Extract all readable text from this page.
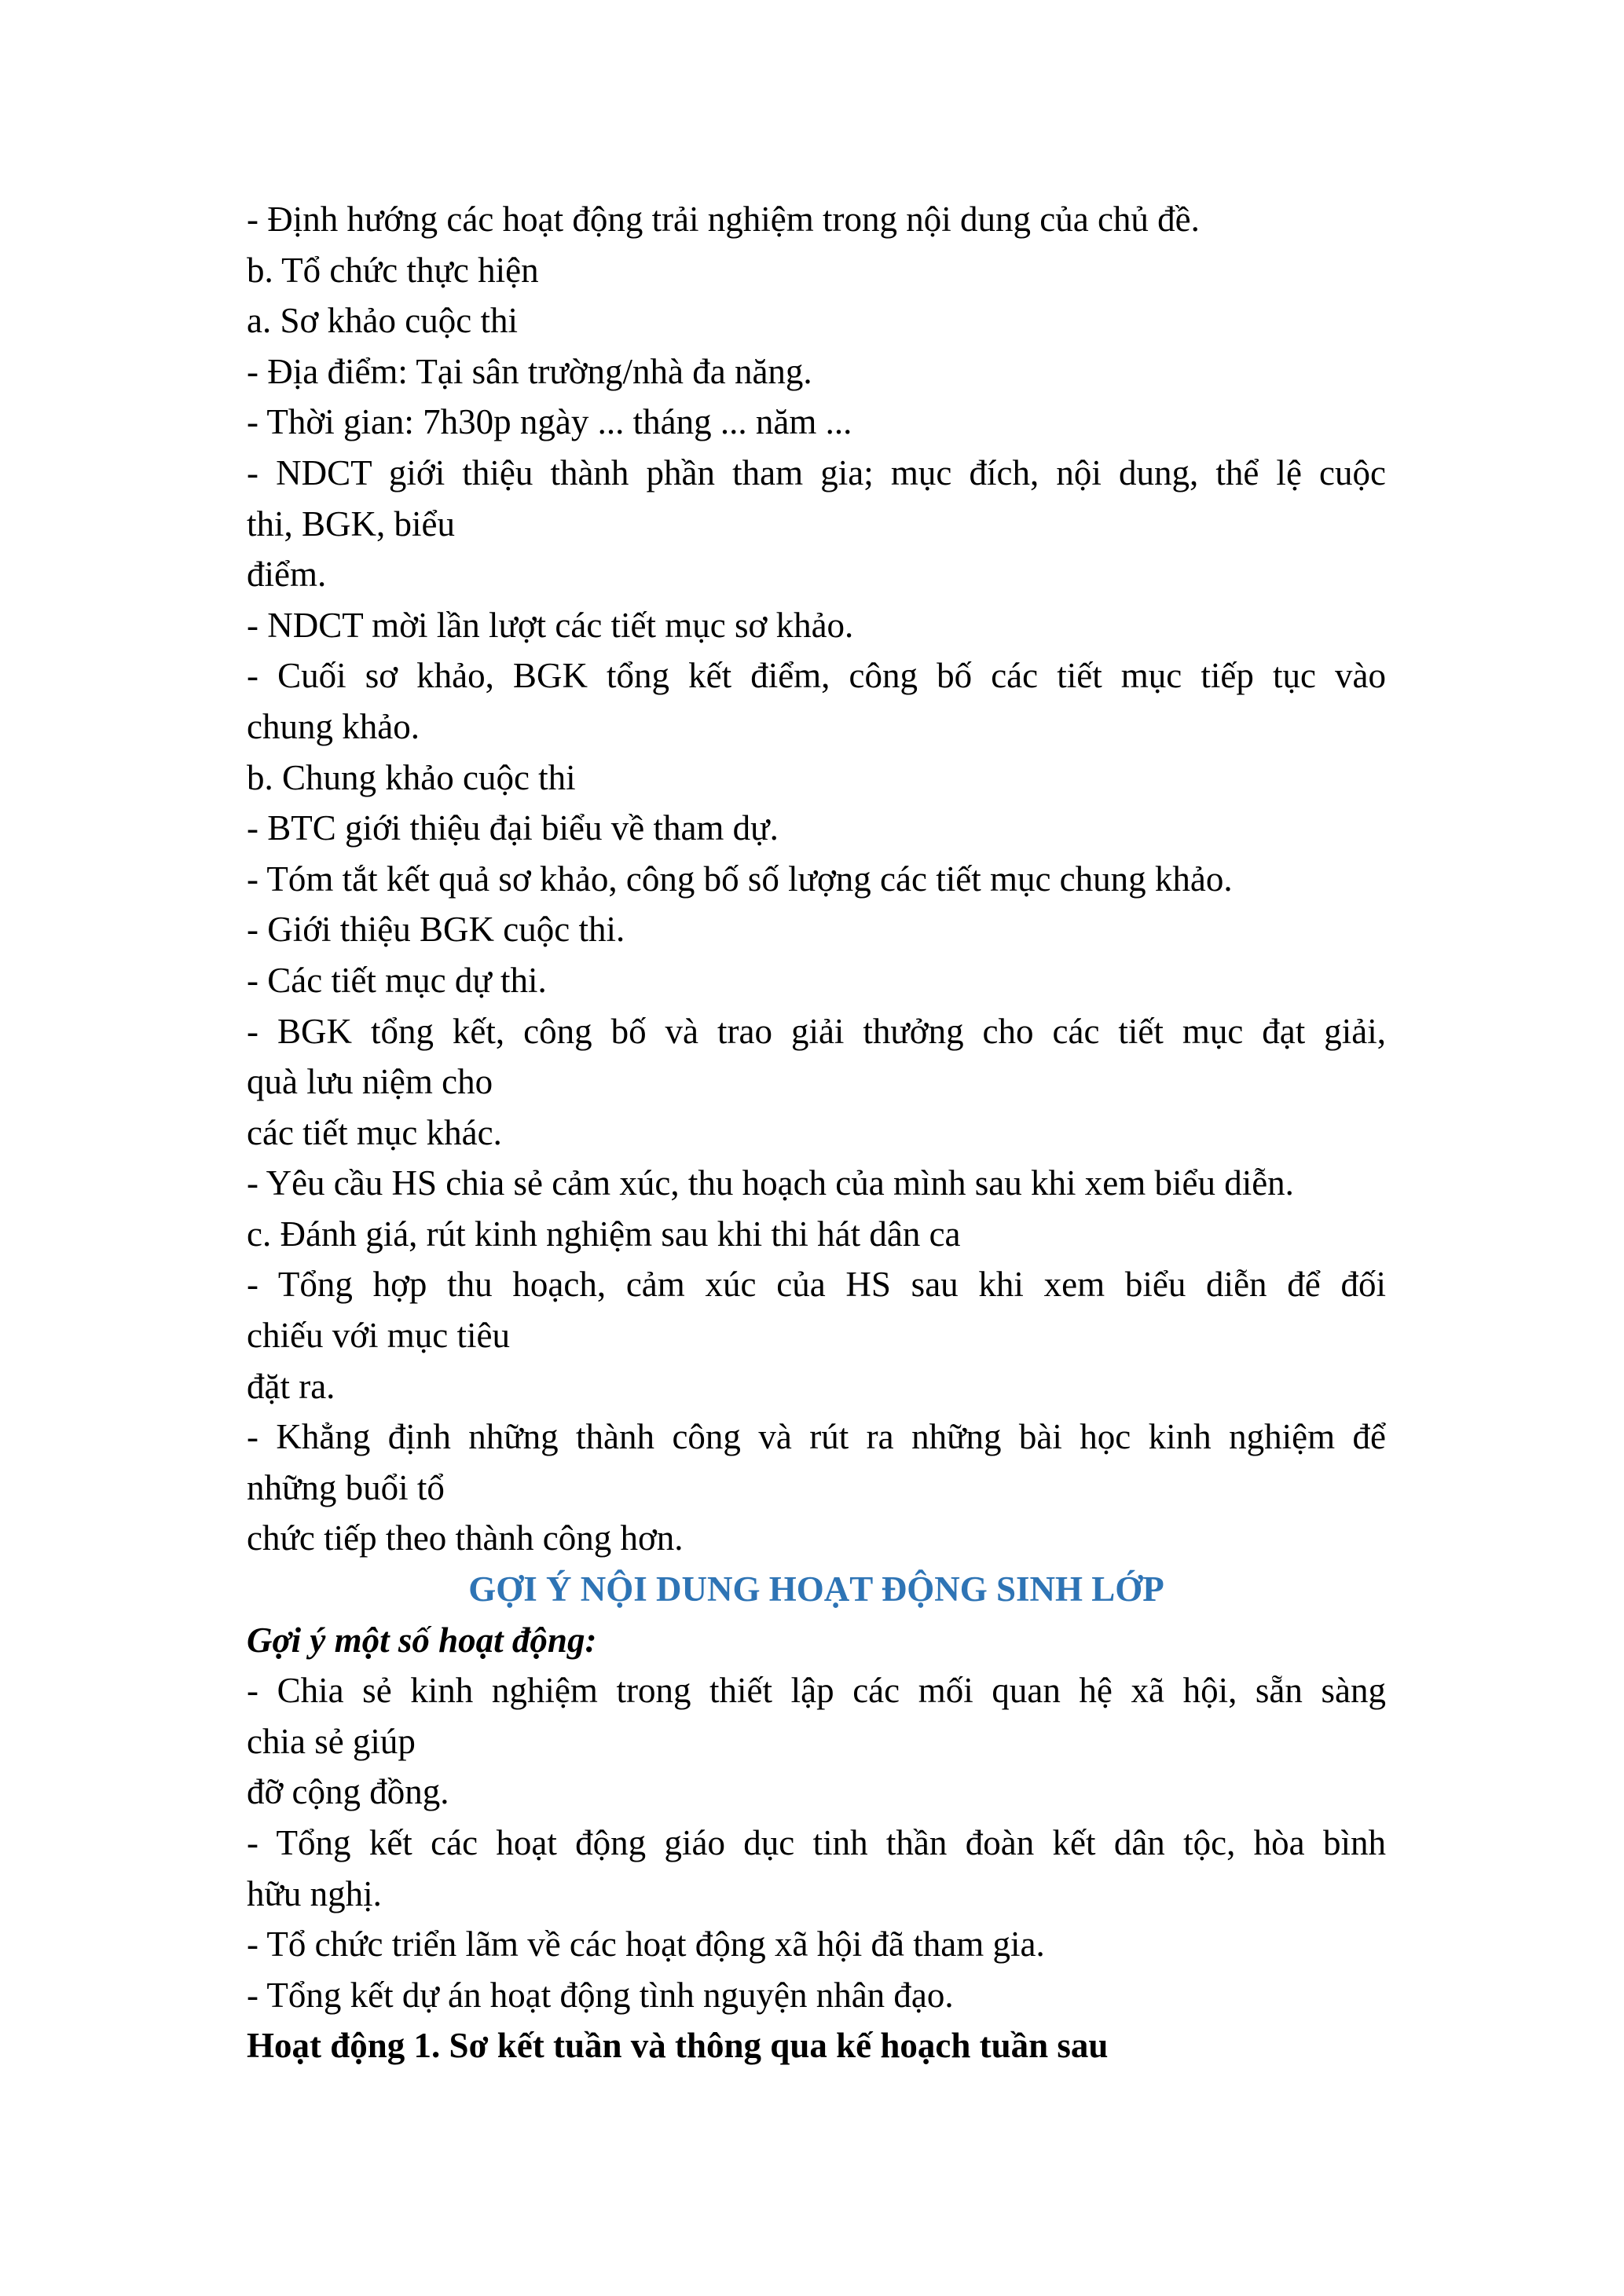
- Định hướng các hoạt động trải nghiệm trong nội dung của chủ đề.
b. Tổ chức thực hiện
a. Sơ khảo cuộc thi
- Địa điểm: Tại sân trường/nhà đa năng.
- Thời gian: 7h30p ngày ... tháng ... năm ...
- NDCT giới thiệu thành phần tham gia; mục đích, nội dung, thể lệ cuộc
thi, BGK, biểu
điểm.
- NDCT mời lần lượt các tiết mục sơ khảo.
- Cuối sơ khảo, BGK tổng kết điểm, công bố các tiết mục tiếp tục vào
chung khảo.
b. Chung khảo cuộc thi
- BTC giới thiệu đại biểu về tham dự.
- Tóm tắt kết quả sơ khảo, công bố số lượng các tiết mục chung khảo.
- Giới thiệu BGK cuộc thi.
- Các tiết mục dự thi.
- BGK tổng kết, công bố và trao giải thưởng cho các tiết mục đạt giải,
quà lưu niệm cho
các tiết mục khác.
- Yêu cầu HS chia sẻ cảm xúc, thu hoạch của mình sau khi xem biểu diễn.
c. Đánh giá, rút kinh nghiệm sau khi thi hát dân ca
- Tổng hợp thu hoạch, cảm xúc của HS sau khi xem biểu diễn để đối
chiếu với mục tiêu
đặt ra.
- Khẳng định những thành công và rút ra những bài học kinh nghiệm để
những buổi tổ
chức tiếp theo thành công hơn.
GỢI Ý NỘI DUNG HOẠT ĐỘNG SINH LỚP
Gợi ý một số hoạt động:
- Chia sẻ kinh nghiệm trong thiết lập các mối quan hệ xã hội, sẵn sàng
chia sẻ giúp
đỡ cộng đồng.
- Tổng kết các hoạt động giáo dục tinh thần đoàn kết dân tộc, hòa bình
hữu nghị.
- Tổ chức triển lãm về các hoạt động xã hội đã tham gia.
- Tổng kết dự án hoạt động tình nguyện nhân đạo.
Hoạt động 1. Sơ kết tuần và thông qua kế hoạch tuần sau
